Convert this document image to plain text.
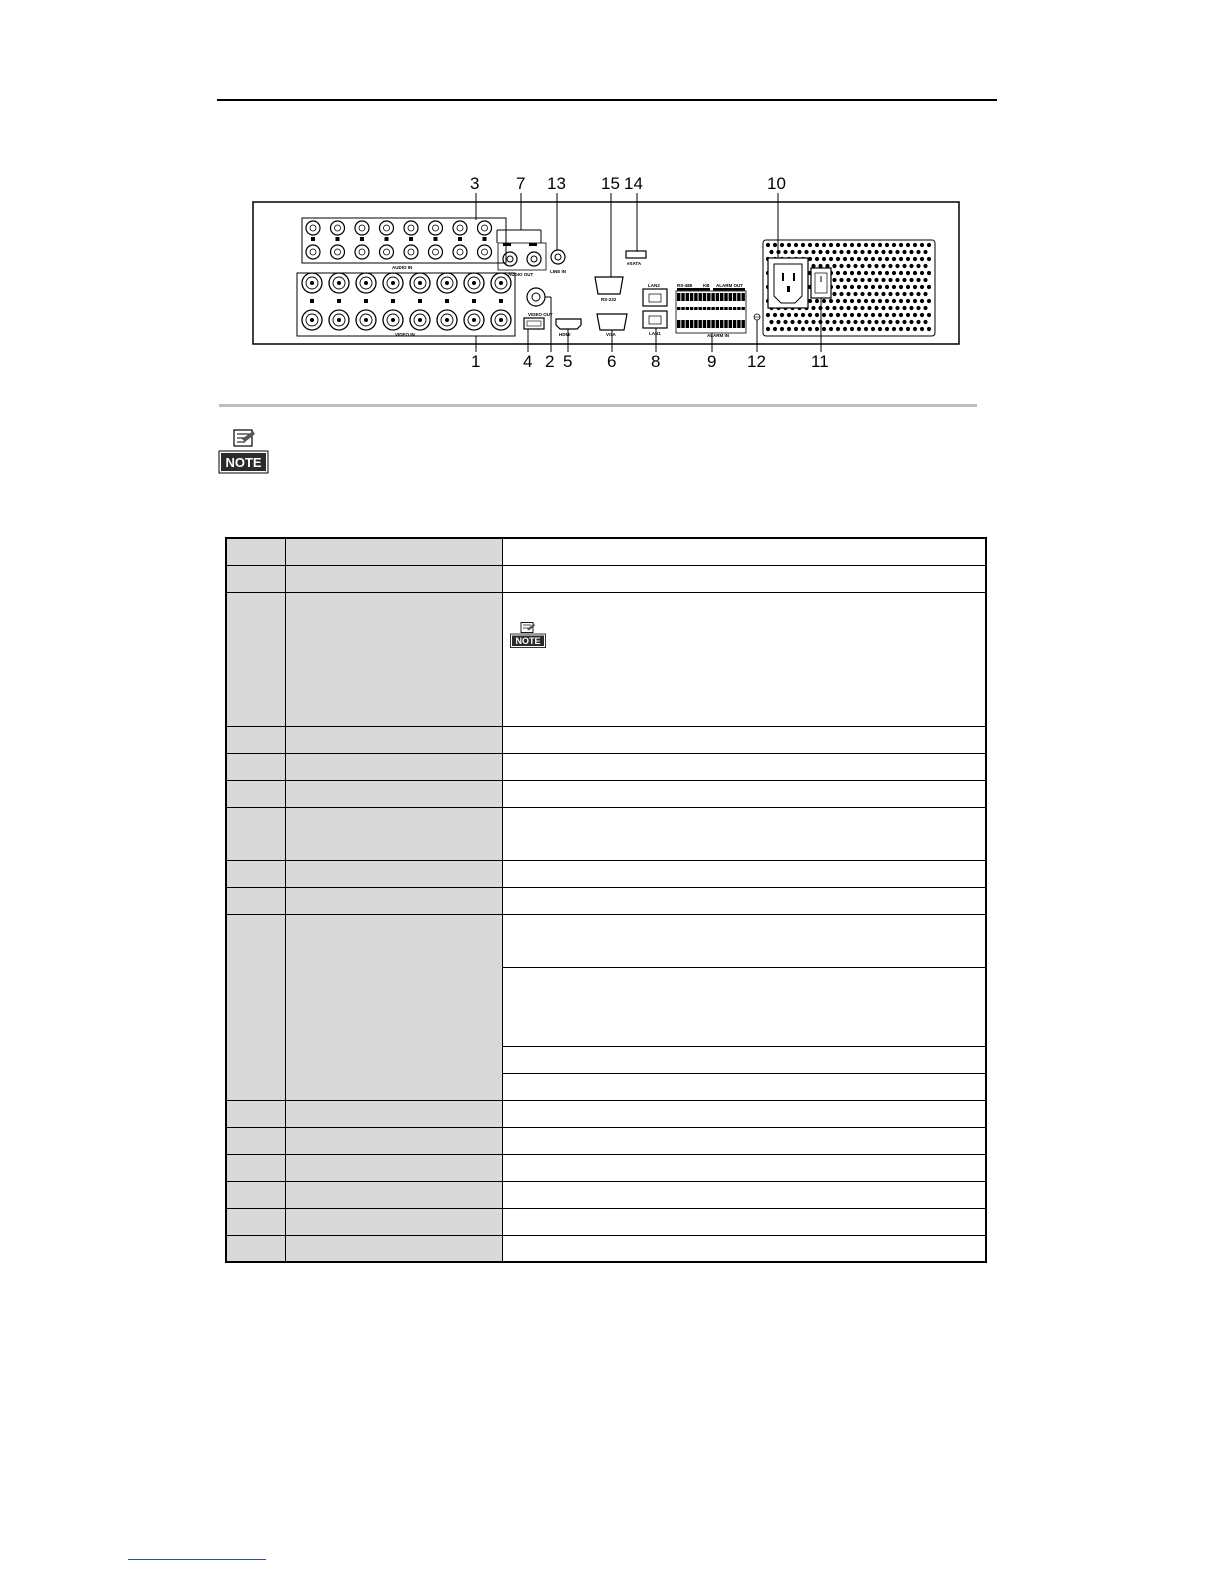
AUDIO IN
VIDEO IN
AUDIO OUT
LINE IN
VIDEO OUT
HDMI
eSATA
RS-232
VGA
LAN2
LAN1
RS-485 KB ALARM OUT
ALARM IN
3 7 13 15 14	10
1	4 2 5 6 8	9 12	11
NOTE

NOTE
